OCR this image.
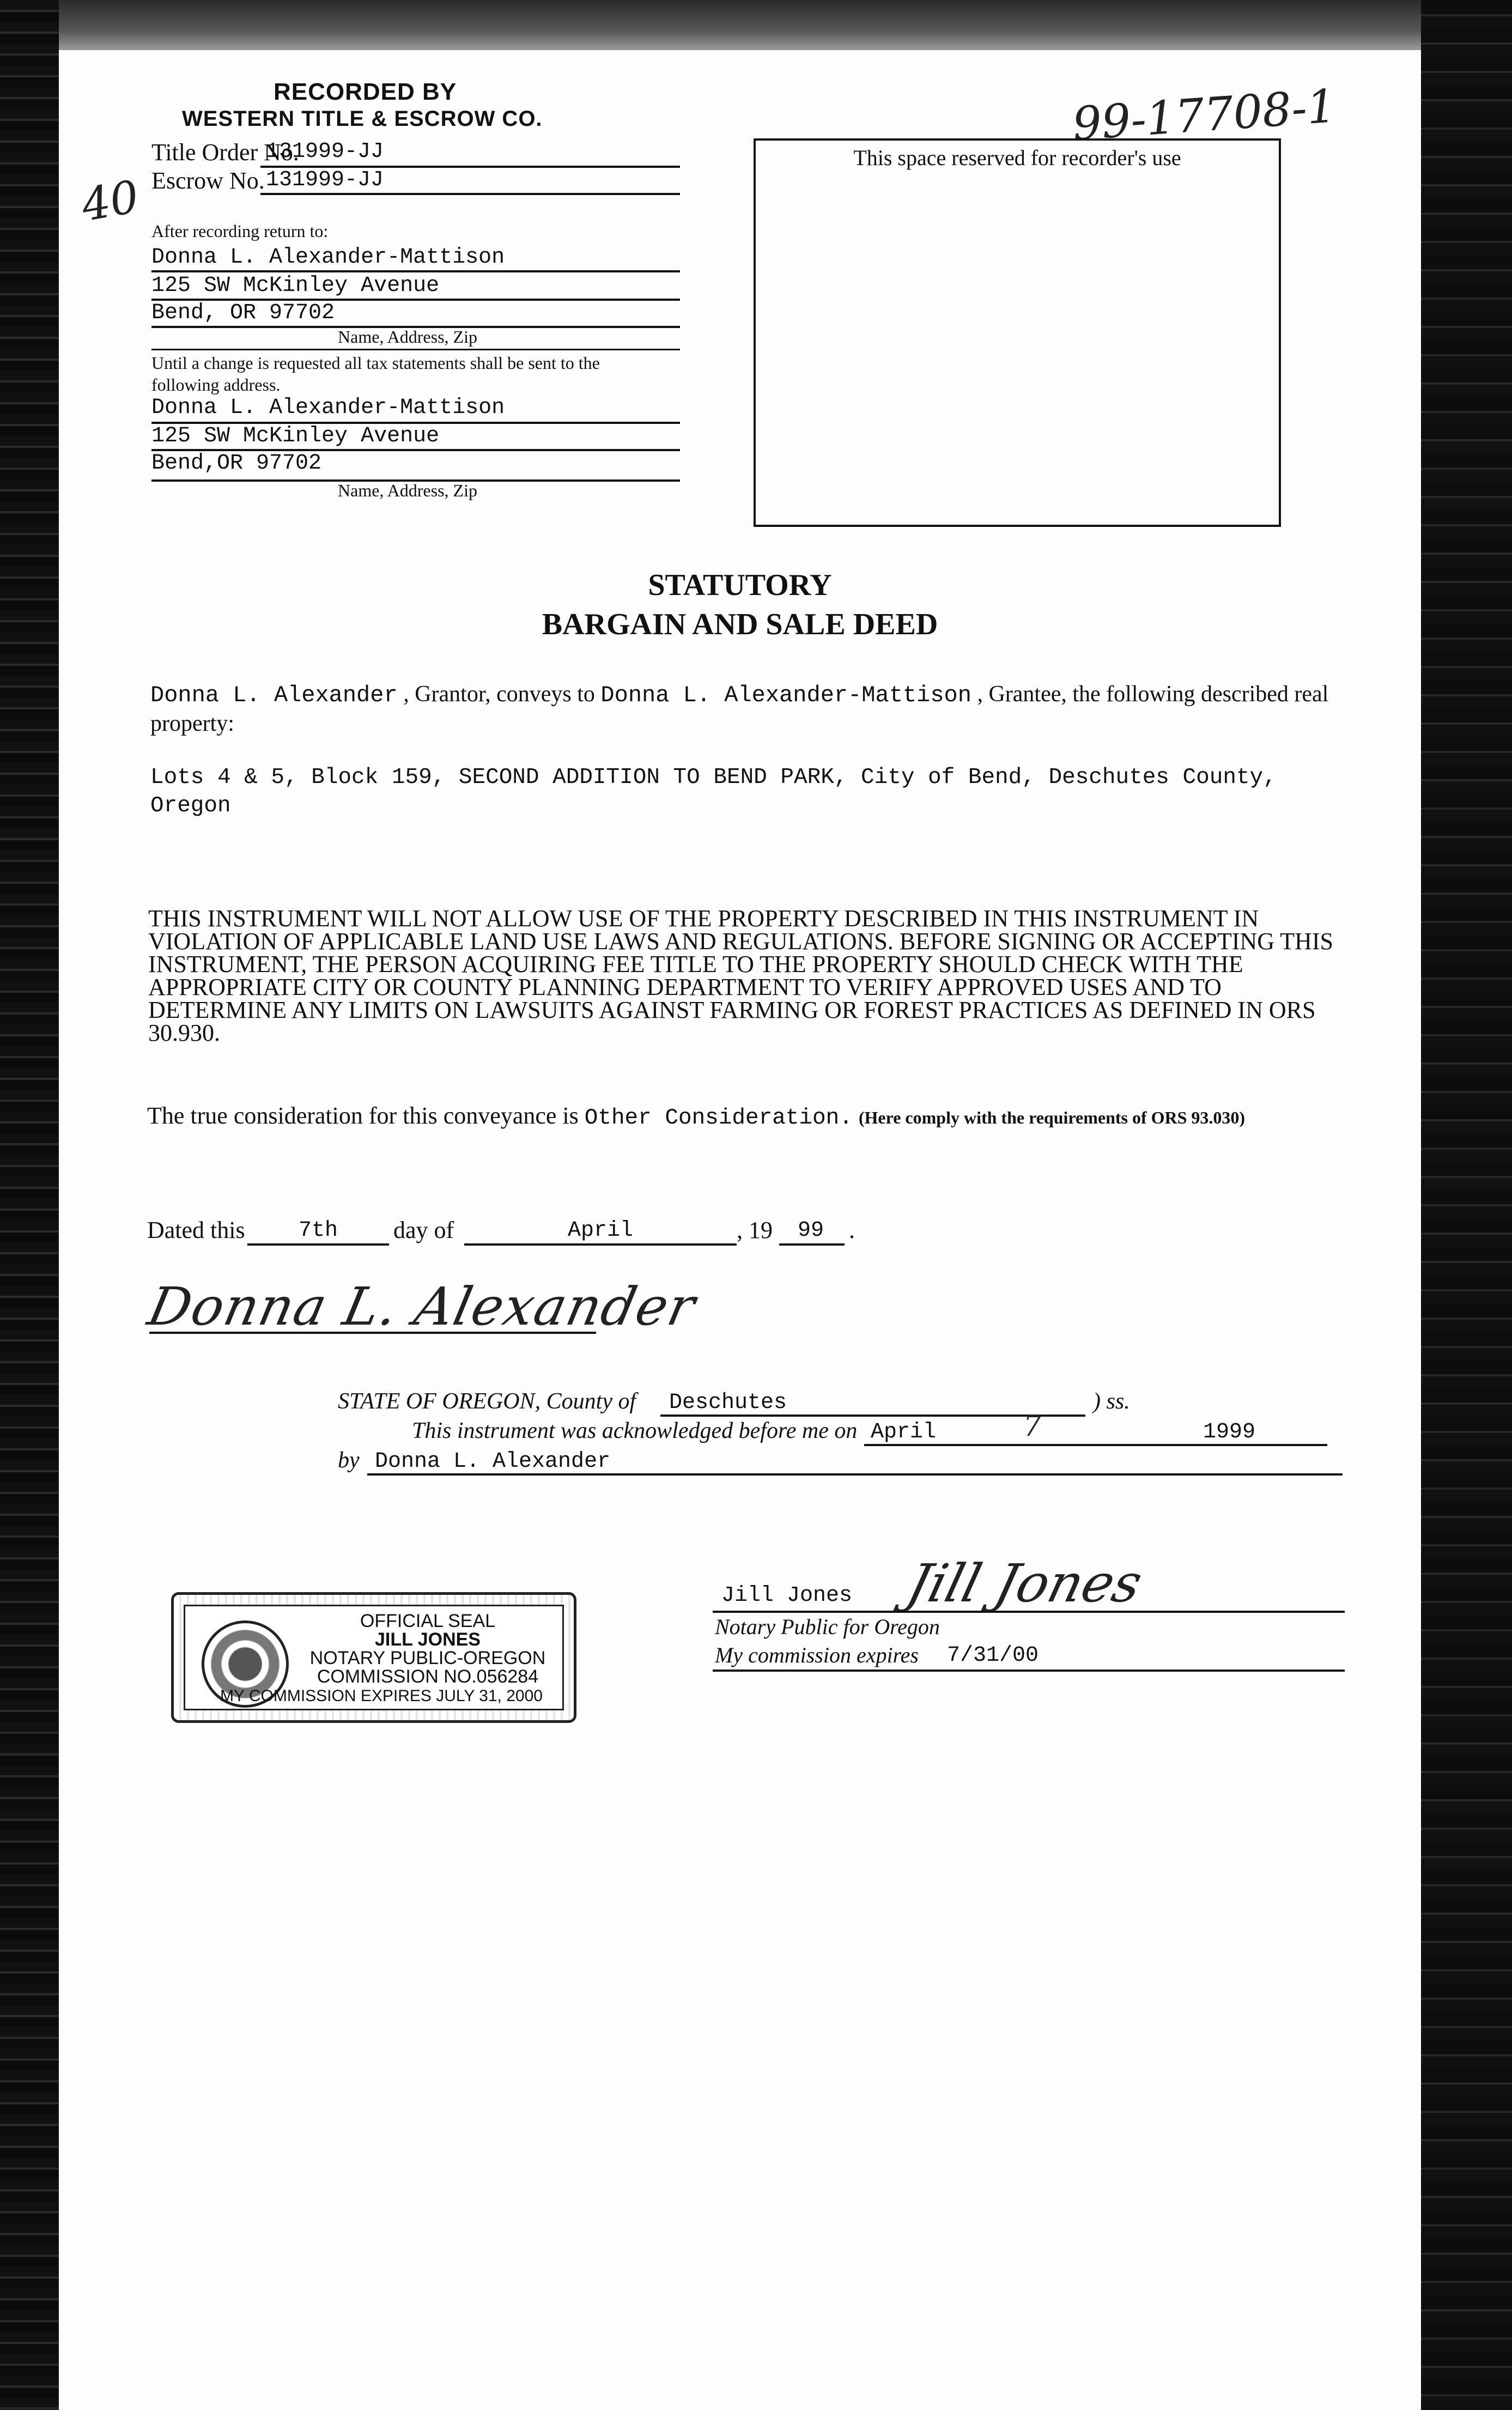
RECORDED BY
WESTERN TITLE & ESCROW CO.	99-17708-1
40
Title Order No.
131999-JJ
Escrow No. 131999-JJ
After recording return to:
Donna L. Alexander-Mattison
125 SW McKinley Avenue
Bend, OR 97702
Name, Address, Zip
Until a change is requested all tax statements shall be sent to the
following address.
Donna L. Alexander-Mattison
125 SW McKinley Avenue
Bend,OR 97702
Name, Address, Zip
This space reserved for recorder's use
STATUTORY
BARGAIN AND SALE DEED
Donna L. Alexander , Grantor, conveys to Donna L. Alexander-Mattison , Grantee, the following described real
property:
Lots 4 & 5, Block 159, SECOND ADDITION TO BEND PARK, City of Bend, Deschutes County,
Oregon
THIS INSTRUMENT WILL NOT ALLOW USE OF THE PROPERTY DESCRIBED IN THIS INSTRUMENT IN
VIOLATION OF APPLICABLE LAND USE LAWS AND REGULATIONS. BEFORE SIGNING OR ACCEPTING THIS
INSTRUMENT, THE PERSON ACQUIRING FEE TITLE TO THE PROPERTY SHOULD CHECK WITH THE
APPROPRIATE CITY OR COUNTY PLANNING DEPARTMENT TO VERIFY APPROVED USES AND TO
DETERMINE ANY LIMITS ON LAWSUITS AGAINST FARMING OR FOREST PRACTICES AS DEFINED IN ORS
30.930.
The true consideration for this conveyance is Other Consideration. (Here comply with the requirements of ORS 93.030)
Dated this 7th day of	April	, 19 99 .
Donna L. Alexander
STATE OF OREGON, County of Deschutes	) ss.
This instrument was acknowledged before me on April	7	1999
by Donna L. Alexander
Jill Jones Jill Jones
Notary Public for Oregon
My commission expires 7/31/00
OFFICIAL SEAL
JILL JONES
NOTARY PUBLIC-OREGON
COMMISSION NO.056284
MY COMMISSION EXPIRES JULY 31, 2000
